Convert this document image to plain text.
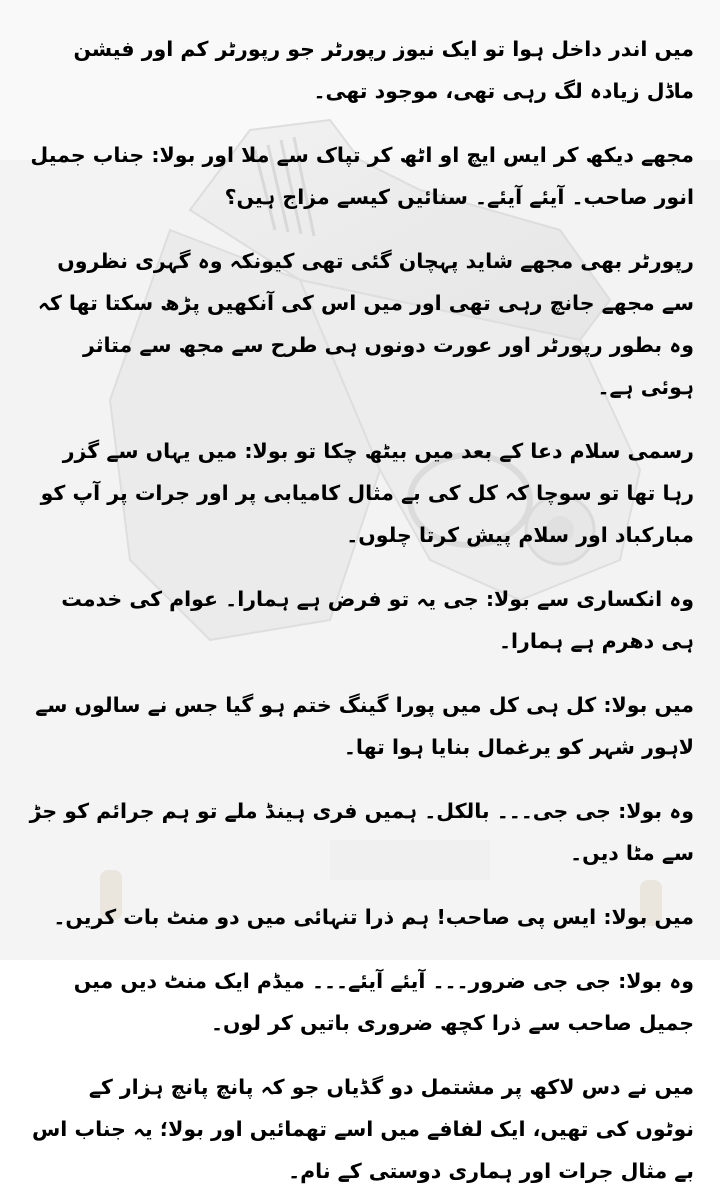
میں اندر داخل ہوا تو ایک نیوز رپورٹر جو رپورٹر کم اور فیشن ماڈل زیادہ لگ رہی تھی، موجود تھی۔

مجھے دیکھ کر ایس ایچ او اٹھ کر تپاک سے ملا اور بولا: جناب جمیل انور صاحب۔ آیئے آیئے۔ سنائیں کیسے مزاج ہیں؟

رپورٹر بھی مجھے شاید پہچان گئی تھی کیونکہ وہ گہری نظروں سے مجھے جانچ رہی تھی اور میں اس کی آنکھیں پڑھ سکتا تھا کہ وہ بطور رپورٹر اور عورت دونوں ہی طرح سے مجھ سے متاثر ہوئی ہے۔

رسمی سلام دعا کے بعد میں بیٹھ چکا تو بولا: میں یہاں سے گزر رہا تھا تو سوچا کہ کل کی بے مثال کامیابی پر اور جرات پر آپ کو مبارکباد اور سلام پیش کرتا چلوں۔

وہ انکساری سے بولا: جی یہ تو فرض ہے ہمارا۔ عوام کی خدمت ہی دھرم ہے ہمارا۔

میں بولا: کل ہی کل میں پورا گینگ ختم ہو گیا جس نے سالوں سے لاہور شہر کو یرغمال بنایا ہوا تھا۔

وہ بولا: جی جی۔۔۔ بالکل۔ ہمیں فری ہینڈ ملے تو ہم جرائم کو جڑ سے مٹا دیں۔

میں بولا: ایس پی صاحب! ہم ذرا تنہائی میں دو منٹ بات کریں۔

وہ بولا: جی جی ضرور۔۔۔ آیئے آیئے۔۔۔ میڈم ایک منٹ دیں میں جمیل صاحب سے ذرا کچھ ضروری باتیں کر لوں۔

میں نے دس لاکھ پر مشتمل دو گڈیاں جو کہ پانچ پانچ ہزار کے نوٹوں کی تھیں، ایک لفافے میں اسے تھمائیں اور بولا؛ یہ جناب اس بے مثال جرات اور ہماری دوستی کے نام۔
